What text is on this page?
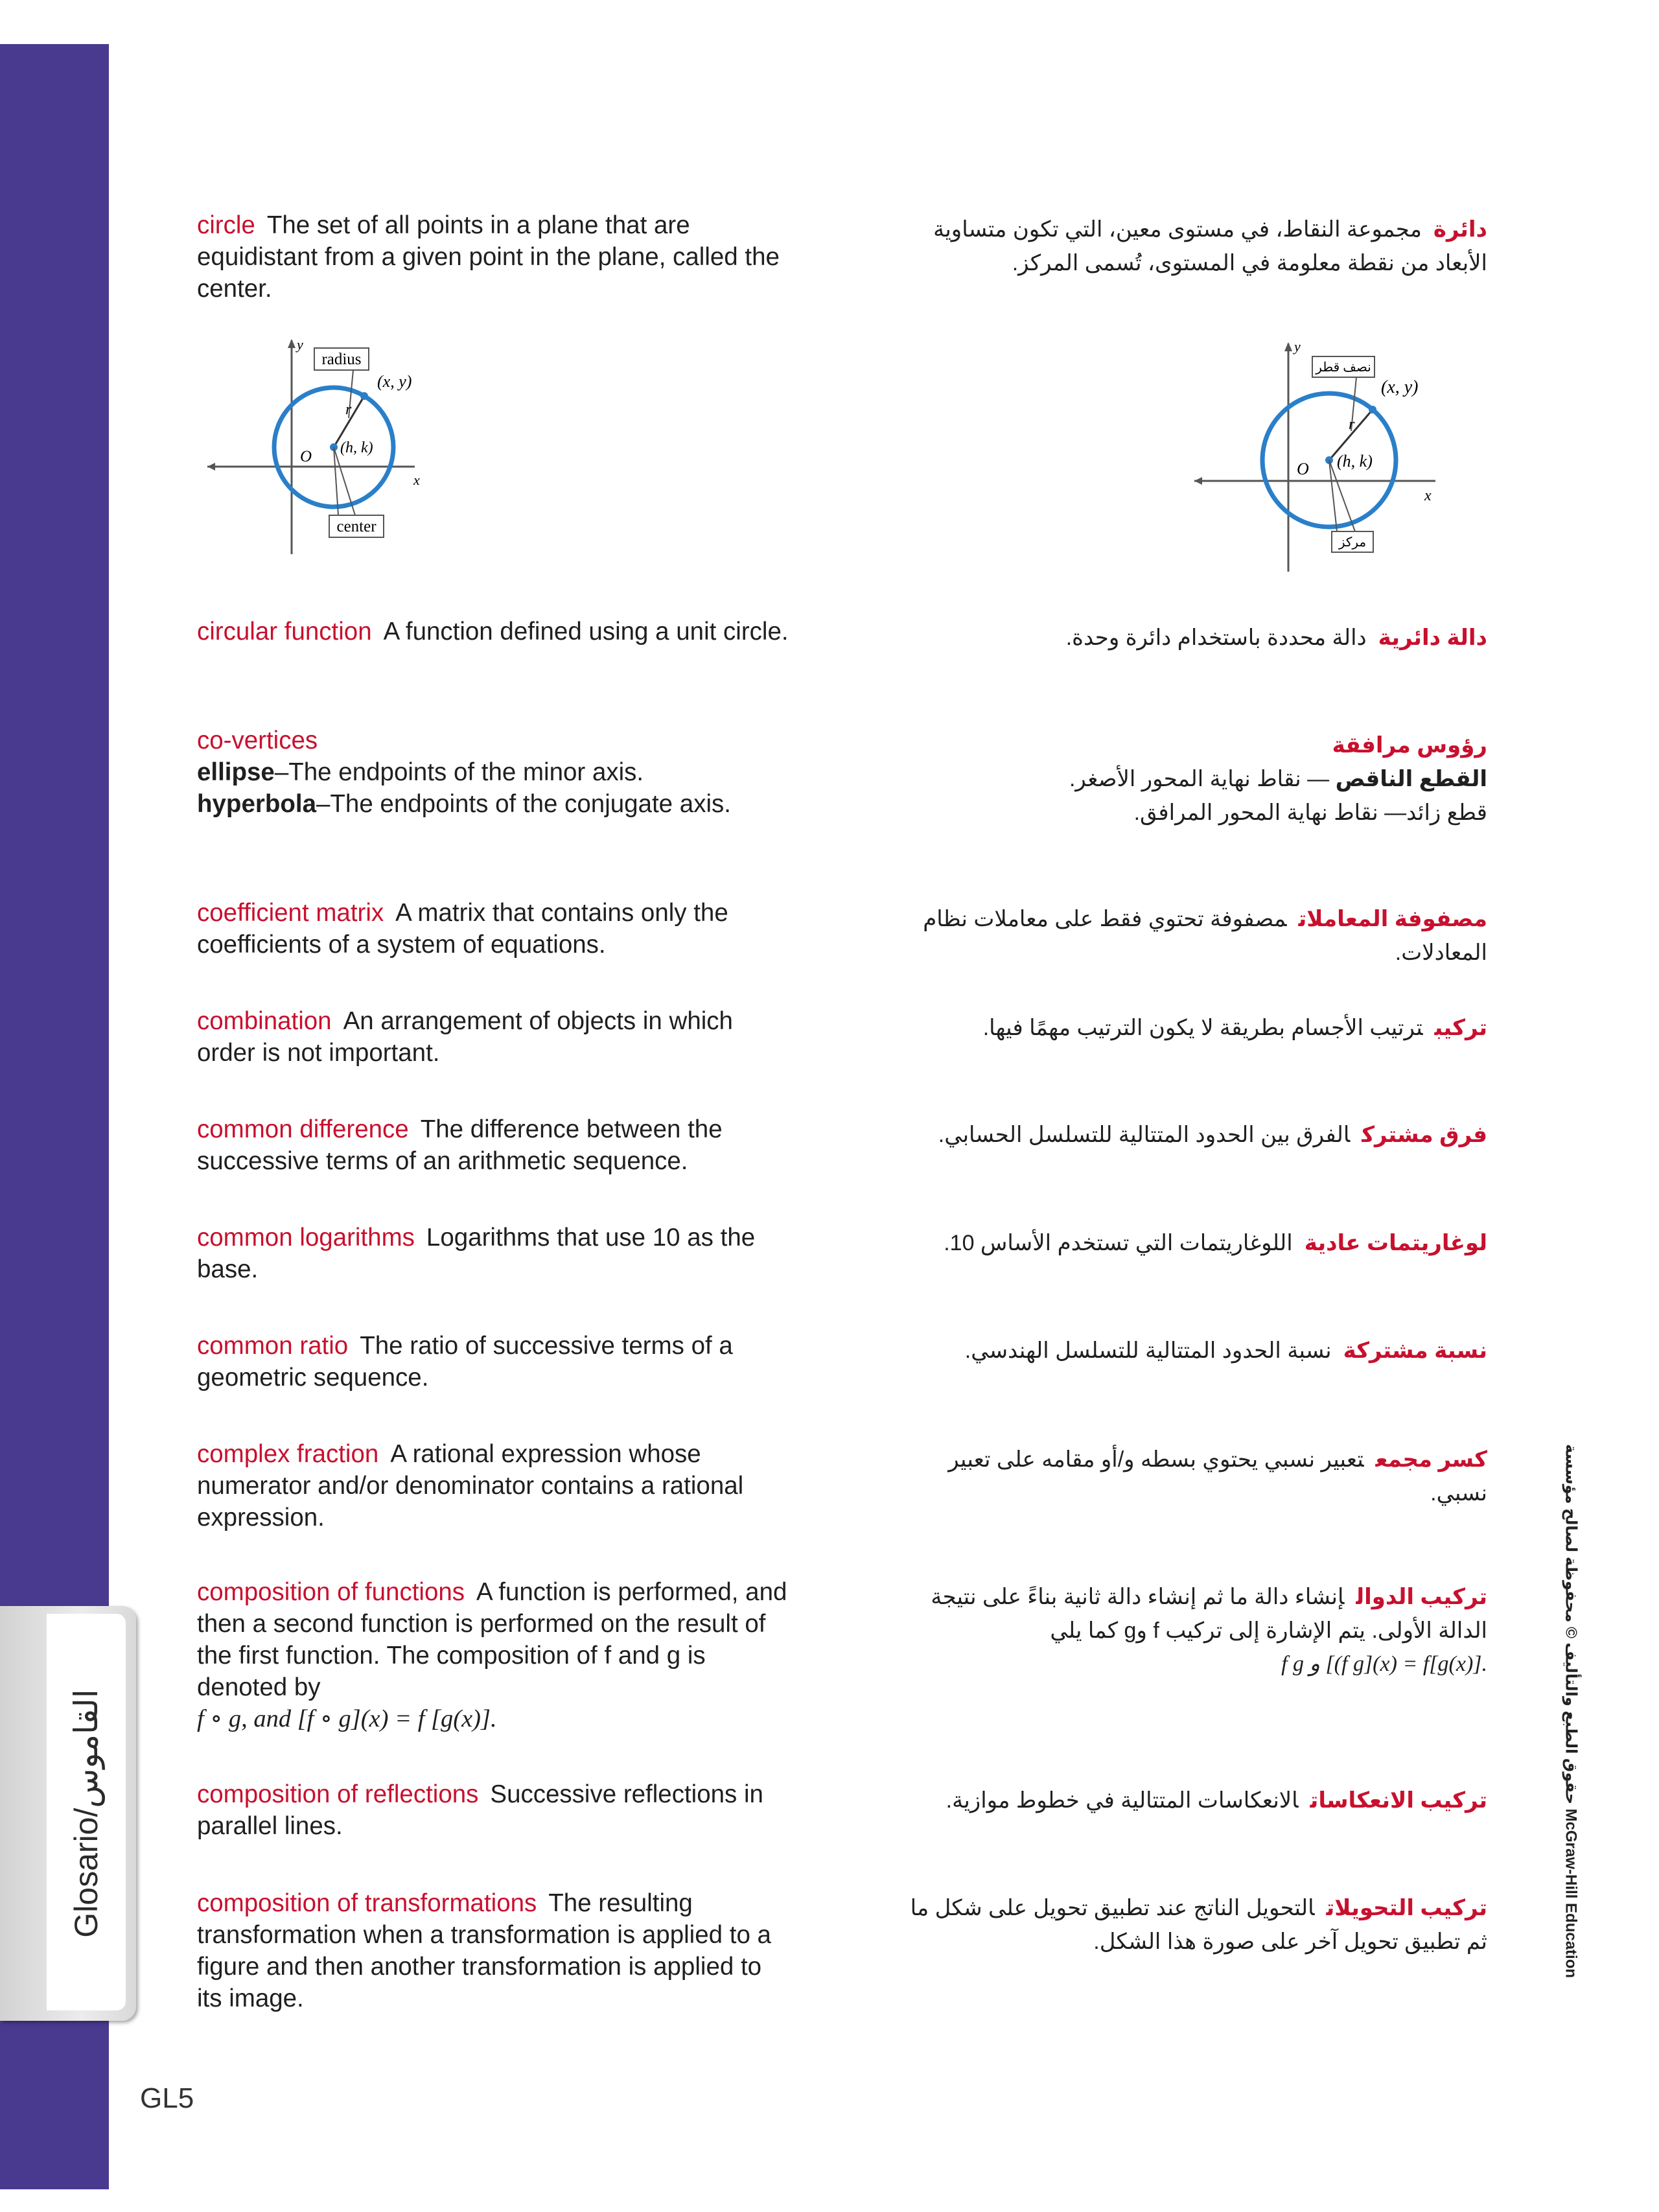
Glosario/القاموس
GL5
حقوق الطبع والتأليف © محفوظة لصالح مؤسسة McGraw-Hill Education
circle The set of all points in a plane that are equidistant from a given point in the plane, called the center.
radius
r
(x, y)
(h, k)
O
y
x
center
circular function A function defined using a unit circle.
co-vertices
ellipse–The endpoints of the minor axis.
hyperbola–The endpoints of the conjugate axis.
coefficient matrix A matrix that contains only the coefficients of a system of equations.
combination An arrangement of objects in which order is not important.
common difference The difference between the successive terms of an arithmetic sequence.
common logarithms Logarithms that use 10 as the base.
common ratio The ratio of successive terms of a geometric sequence.
complex fraction A rational expression whose numerator and/or denominator contains a rational expression.
composition of functions A function is performed, and then a second function is performed on the result of the first function. The composition of f and g is denoted by
f ∘ g, and [f ∘ g](x) = f [g(x)].
composition of reflections Successive reflections in parallel lines.
composition of transformations The resulting transformation when a transformation is applied to a figure and then another transformation is applied to its image.
دائرةمجموعة النقاط، في مستوى معين، التي تكون متساوية الأبعاد من نقطة معلومة في المستوى، تُسمى المركز.
نصف قطر
r
(x, y)
(h, k)
O
y
x
مركز
دالة دائريةدالة محددة باستخدام دائرة وحدة.
رؤوس مرافقة
القطع الناقص — نقاط نهاية المحور الأصغر.
قطع زائد— نقاط نهاية المحور المرافق.
مصفوفة المعاملاتمصفوفة تحتوي فقط على معاملات نظام المعادلات.
تركيبترتيب الأجسام بطريقة لا يكون الترتيب مهمًا فيها.
فرق مشتركالفرق بين الحدود المتتالية للتسلسل الحسابي.
لوغاريتمات عاديةاللوغاريتمات التي تستخدم الأساس 10.
نسبة مشتركةنسبة الحدود المتتالية للتسلسل الهندسي.
كسر مجمعتعبير نسبي يحتوي بسطه و/أو مقامه على تعبير نسبي.
تركيب الدوالإنشاء دالة ما ثم إنشاء دالة ثانية بناءً على نتيجة الدالة الأولى. يتم الإشارة إلى تركيب f وg كما يلي
f g و [(f g](x) = f[g(x)].
تركيب الانعكاساتالانعكاسات المتتالية في خطوط موازية.
تركيب التحويلاتالتحويل الناتج عند تطبيق تحويل على شكل ما ثم تطبيق تحويل آخر على صورة هذا الشكل.
